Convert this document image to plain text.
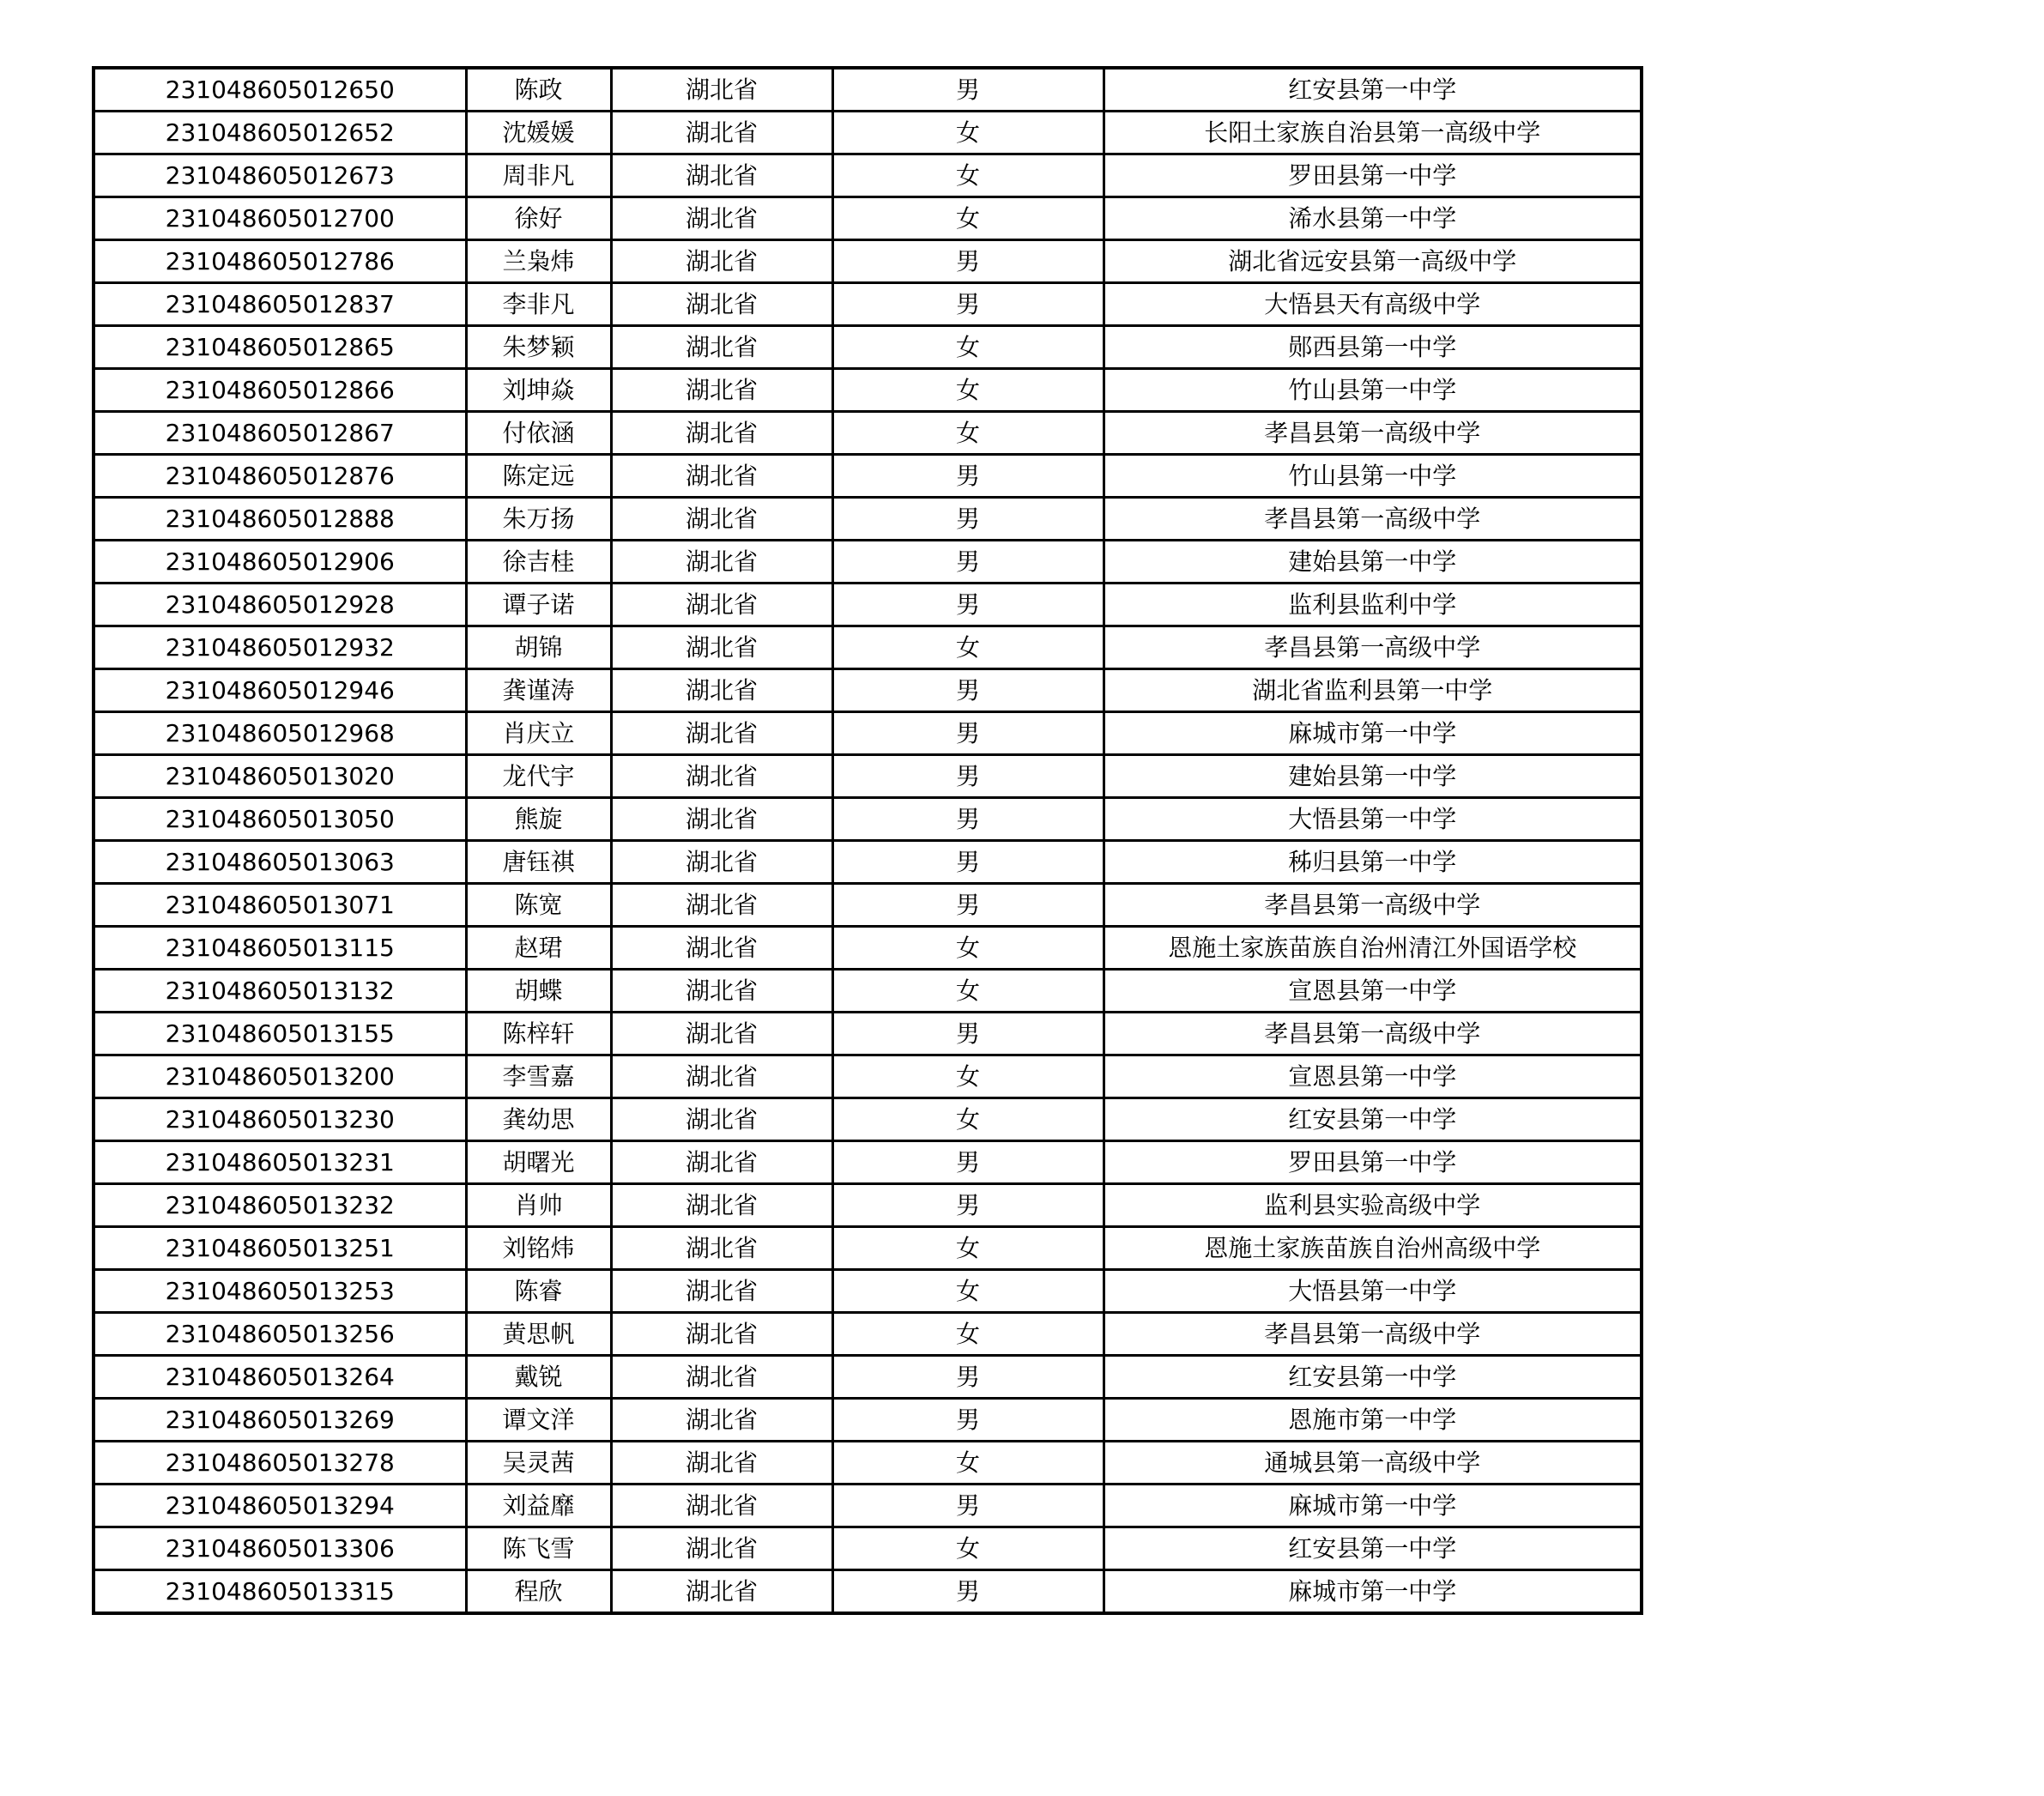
231048605012650	陈政	湖北省	男	红安县第一中学
231048605012652	沈媛媛	湖北省	女	长阳土家族自治县第一高级中学
231048605012673	周非凡	湖北省	女	罗田县第一中学
231048605012700	徐好	湖北省	女	浠水县第一中学
231048605012786	兰枭炜	湖北省	男	湖北省远安县第一高级中学
231048605012837	李非凡	湖北省	男	大悟县天有高级中学
231048605012865	朱梦颖	湖北省	女	郧西县第一中学
231048605012866	刘坤焱	湖北省	女	竹山县第一中学
231048605012867	付依涵	湖北省	女	孝昌县第一高级中学
231048605012876	陈定远	湖北省	男	竹山县第一中学
231048605012888	朱万扬	湖北省	男	孝昌县第一高级中学
231048605012906	徐吉桂	湖北省	男	建始县第一中学
231048605012928	谭子诺	湖北省	男	监利县监利中学
231048605012932	胡锦	湖北省	女	孝昌县第一高级中学
231048605012946	龚谨涛	湖北省	男	湖北省监利县第一中学
231048605012968	肖庆立	湖北省	男	麻城市第一中学
231048605013020	龙代宇	湖北省	男	建始县第一中学
231048605013050	熊旋	湖北省	男	大悟县第一中学
231048605013063	唐钰祺	湖北省	男	秭归县第一中学
231048605013071	陈宽	湖北省	男	孝昌县第一高级中学
231048605013115	赵珺	湖北省	女	恩施土家族苗族自治州清江外国语学校
231048605013132	胡蝶	湖北省	女	宣恩县第一中学
231048605013155	陈梓轩	湖北省	男	孝昌县第一高级中学
231048605013200	李雪嘉	湖北省	女	宣恩县第一中学
231048605013230	龚幼思	湖北省	女	红安县第一中学
231048605013231	胡曙光	湖北省	男	罗田县第一中学
231048605013232	肖帅	湖北省	男	监利县实验高级中学
231048605013251	刘铭炜	湖北省	女	恩施土家族苗族自治州高级中学
231048605013253	陈睿	湖北省	女	大悟县第一中学
231048605013256	黄思帆	湖北省	女	孝昌县第一高级中学
231048605013264	戴锐	湖北省	男	红安县第一中学
231048605013269	谭文洋	湖北省	男	恩施市第一中学
231048605013278	吴灵茜	湖北省	女	通城县第一高级中学
231048605013294	刘益靡	湖北省	男	麻城市第一中学
231048605013306	陈飞雪	湖北省	女	红安县第一中学
231048605013315	程欣	湖北省	男	麻城市第一中学
